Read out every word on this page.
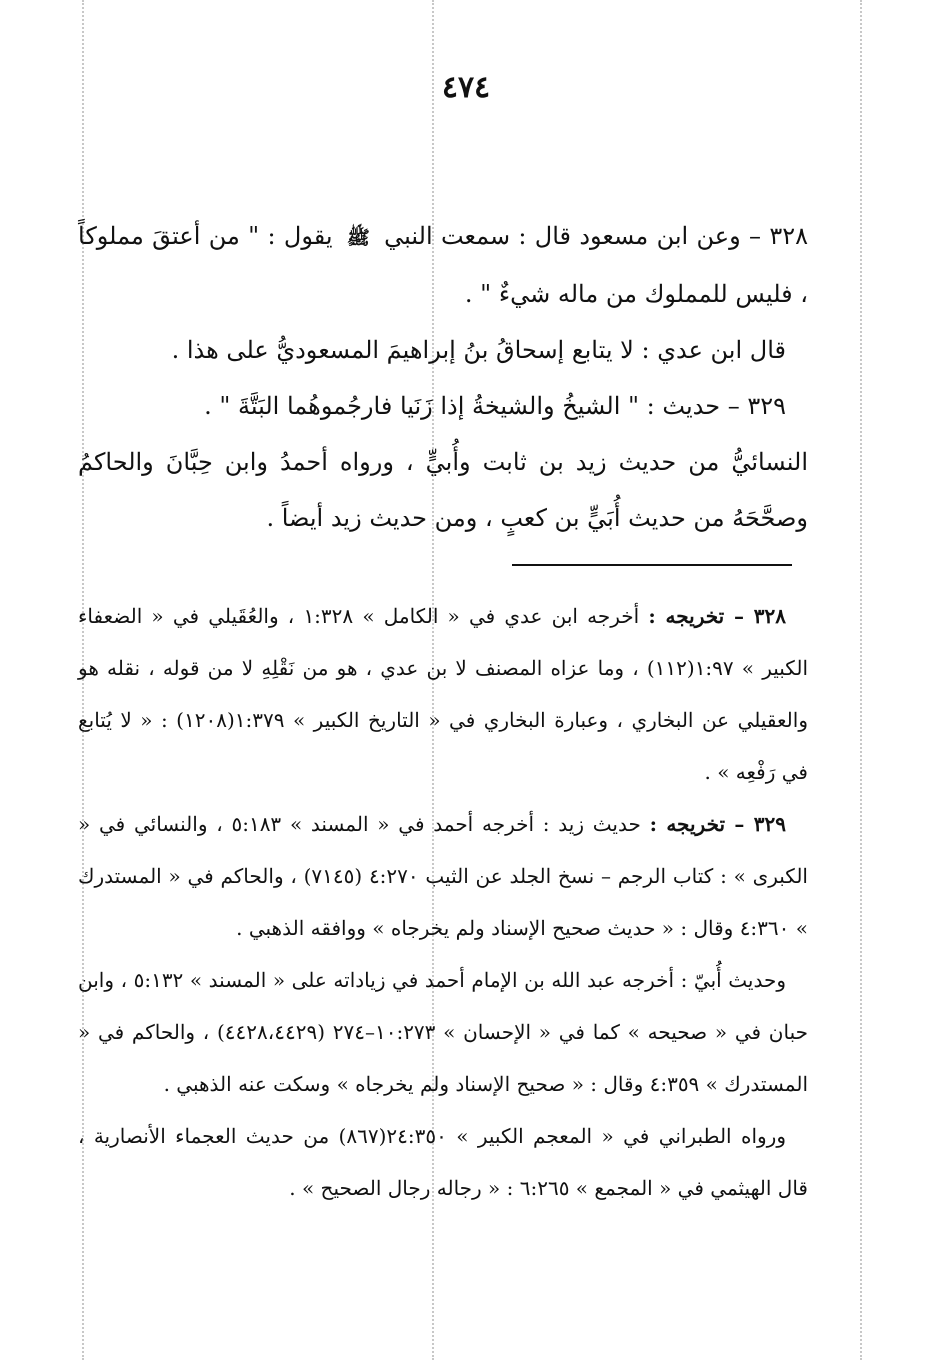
٤٧٤

٣٢٨ – وعن ابن مسعود قال : سمعت النبي ﷺ يقول : " من أعتقَ مملوكاً ، فليس للمملوك من ماله شيءٌ " .

قال ابن عدي : لا يتابع إسحاقُ بنُ إبراهيمَ المسعوديُّ على هذا .

٣٢٩ – حديث : " الشيخُ والشيخةُ إذا زَنَيا فارجُموهُما البَتَّةَ " .

النسائيُّ من حديث زيد بن ثابت وأُبيٍّ ، ورواه أحمدُ وابن حِبَّانَ والحاكمُ وصحَّحَهُ من حديث أُبَيٍّ بن كعبٍ ، ومن حديث زيد أيضاً .

٣٢٨ – تخريجه : أخرجه ابن عدي في « الكامل » ١:٣٢٨ ، والعُقَيلي في « الضعفاء الكبير » ١:٩٧(١١٢) ، وما عزاه المصنف لا بن عدي ، هو من نَقْلِهِ لا من قوله ، نقله هو والعقيلي عن البخاري ، وعبارة البخاري في « التاريخ الكبير » ١:٣٧٩(١٢٠٨) : « لا يُتابع في رَفْعِه » .

٣٢٩ – تخريجه : حديث زيد : أخرجه أحمد في « المسند » ٥:١٨٣ ، والنسائي في « الكبرى » : كتاب الرجم – نسخ الجلد عن الثيب ٤:٢٧٠ (٧١٤٥) ، والحاكم في « المستدرك » ٤:٣٦٠ وقال : « حديث صحيح الإسناد ولم يخرجاه » ووافقه الذهبي .

وحديث أُبيّ : أخرجه عبد الله بن الإمام أحمد في زياداته على « المسند » ٥:١٣٢ ، وابن حبان في « صحيحه » كما في « الإحسان » ١٠:٢٧٣–٢٧٤ (٤٤٢٨،٤٤٢٩) ، والحاكم في « المستدرك » ٤:٣٥٩ وقال : « صحيح الإسناد ولم يخرجاه » وسكت عنه الذهبي .

ورواه الطبراني في « المعجم الكبير » ٢٤:٣٥٠(٨٦٧) من حديث العجماء الأنصارية ، قال الهيثمي في « المجمع » ٦:٢٦٥ : « رجاله رجال الصحيح » .
